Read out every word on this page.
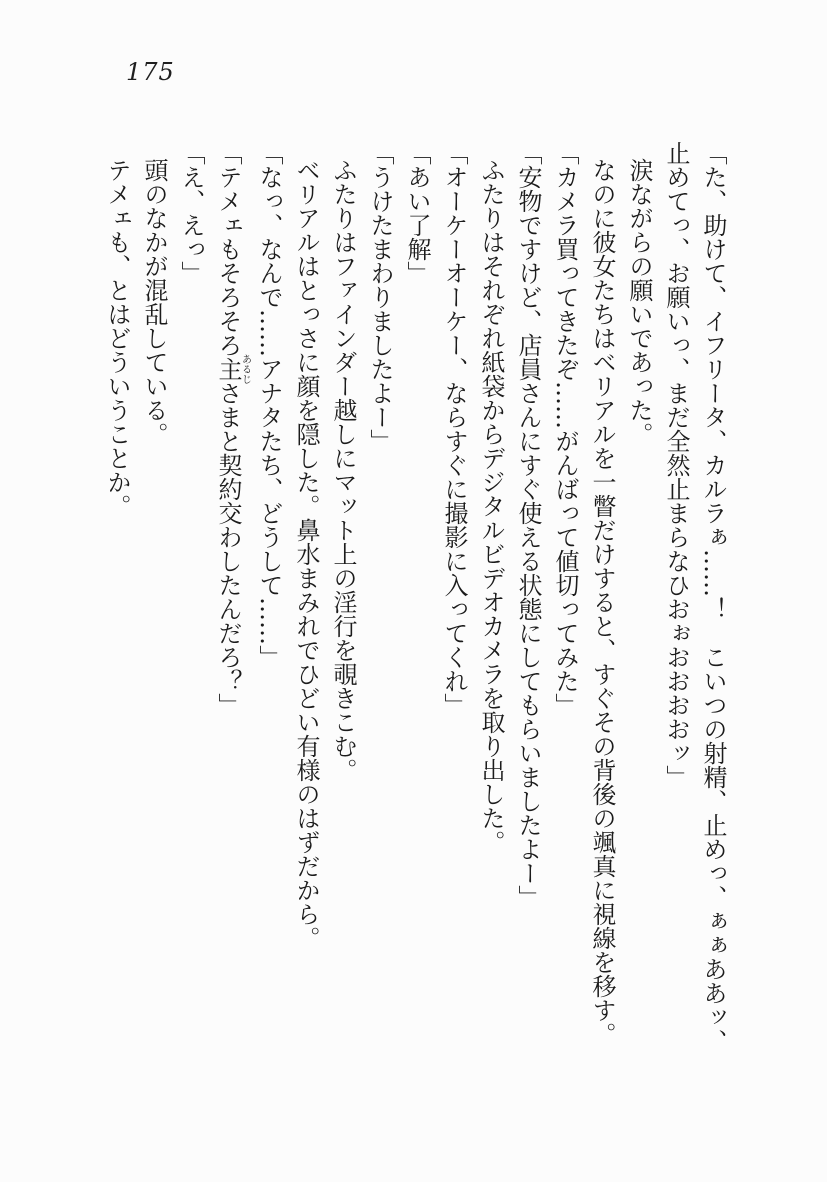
175
「た、助けて、イフリータ、カルラぁ……！　こいつの射精、止めっ、ぁぁああッ、
止めてっ、お願いっ、まだ全然止まらなひおぉおおおおッ」
涙ながらの願いであった。
なのに彼女たちはベリアルを一瞥だけすると、すぐその背後の颯真に視線を移す。
「カメラ買ってきたぞ……がんばって値切ってみた」
「安物ですけど、店員さんにすぐ使える状態にしてもらいましたよー」
ふたりはそれぞれ紙袋からデジタルビデオカメラを取り出した。
「オーケーオーケー、ならすぐに撮影に入ってくれ」
「あい了解」
「うけたまわりましたよー」
ふたりはファインダー越しにマット上の淫行を覗きこむ。
ベリアルはとっさに顔を隠した。鼻水まみれでひどい有様のはずだから。
「なっ、なんで……アナタたち、どうして……」
「テメェもそろそろ主あるじさまと契約交わしたんだろ？」
「え、えっ」
頭のなかが混乱している。
テメェも、とはどういうことか。
